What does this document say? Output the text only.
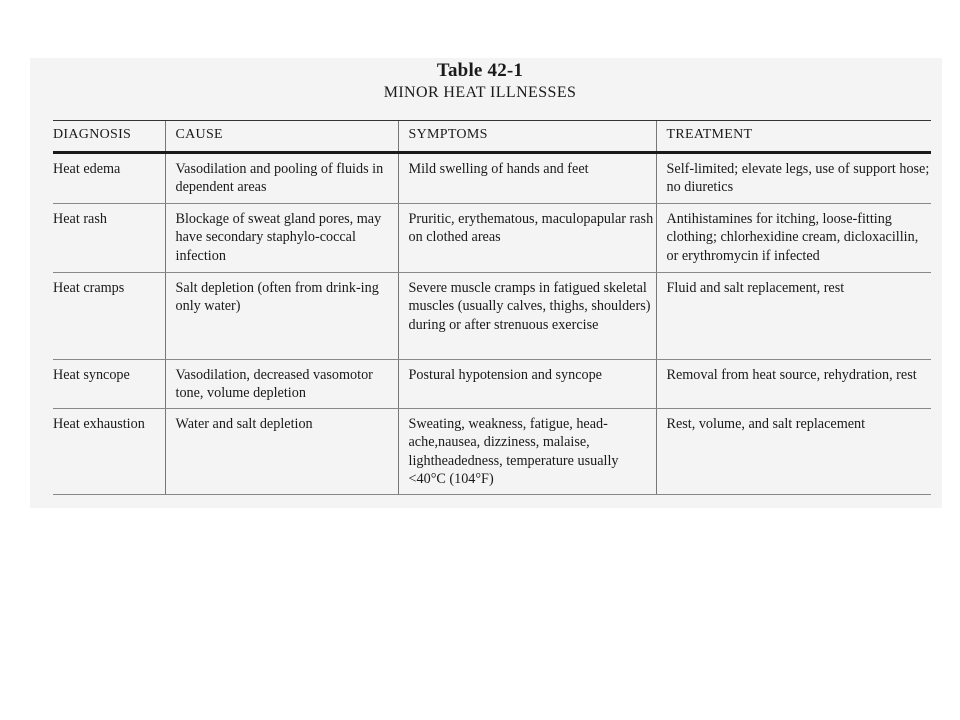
Table 42-1
MINOR HEAT ILLNESSES
DIAGNOSIS	CAUSE	SYMPTOMS	TREATMENT
Heat edema	Vasodilation and pooling of fluids in dependent areas	Mild swelling of hands and feet	Self-limited; elevate legs, use of support hose; no diuretics
Heat rash	Blockage of sweat gland pores, may have secondary staphylo-coccal infection	Pruritic, erythematous, maculopapular rash on clothed areas	Antihistamines for itching, loose-fitting clothing; chlorhexidine cream, dicloxacillin, or erythromycin if infected
Heat cramps	Salt depletion (often from drink-ing only water)	Severe muscle cramps in fatigued skeletal muscles (usually calves, thighs, shoulders) during or after strenuous exercise	Fluid and salt replacement, rest
Heat syncope	Vasodilation, decreased vasomotor tone, volume depletion	Postural hypotension and syncope	Removal from heat source, rehydration, rest
Heat exhaustion	Water and salt depletion	Sweating, weakness, fatigue, head-ache,nausea, dizziness, malaise, lightheadedness, temperature usually <40°C (104°F)	Rest, volume, and salt replacement
